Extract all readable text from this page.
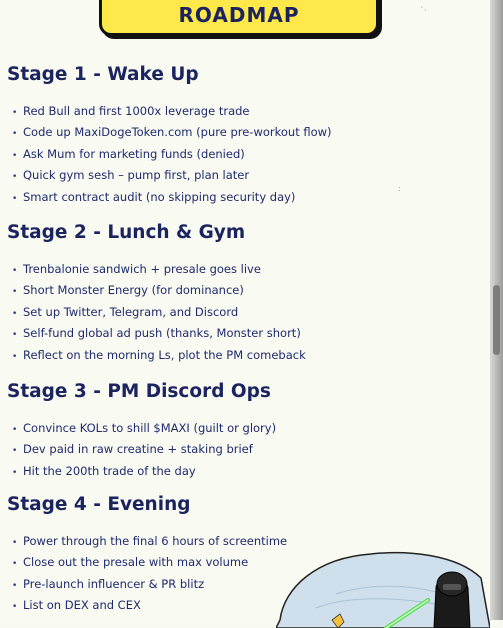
ROADMAP	`·
:
Stage 1 - Wake Up
• Red Bull and first 1000x leverage trade
• Code up MaxiDogeToken.com (pure pre-workout flow)
• Ask Mum for marketing funds (denied)
• Quick gym sesh – pump first, plan later
• Smart contract audit (no skipping security day)
Stage 2 - Lunch & Gym
• Trenbalonie sandwich + presale goes live
• Short Monster Energy (for dominance)
• Set up Twitter, Telegram, and Discord
• Self-fund global ad push (thanks, Monster short)
• Reflect on the morning Ls, plot the PM comeback
Stage 3 - PM Discord Ops
• Convince KOLs to shill $MAXI (guilt or glory)
• Dev paid in raw creatine + staking brief
• Hit the 200th trade of the day
Stage 4 - Evening
• Power through the final 6 hours of screentime
• Close out the presale with max volume
• Pre-launch influencer & PR blitz
• List on DEX and CEX
